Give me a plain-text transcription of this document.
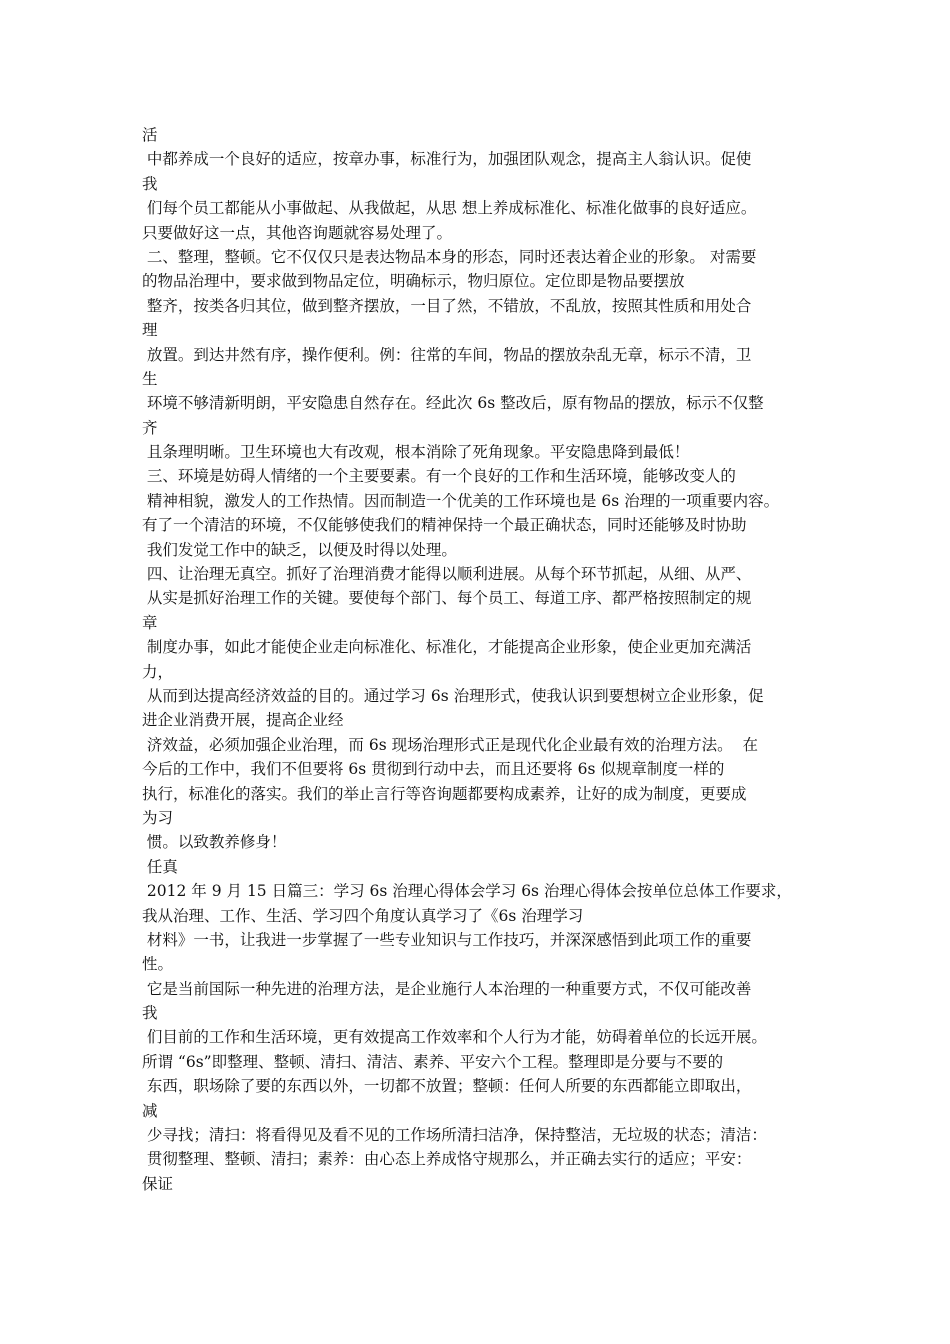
活
中都养成一个良好的适应，按章办事，标准行为，加强团队观念，提高主人翁认识。促使
我
们每个员工都能从小事做起、从我做起，从思 想上养成标准化、标准化做事的良好适应。
只要做好这一点，其他咨询题就容易处理了。
二、整理，整顿。它不仅仅只是表达物品本身的形态，同时还表达着企业的形象。 对需要
的物品治理中，要求做到物品定位，明确标示，物归原位。定位即是物品要摆放
整齐，按类各归其位，做到整齐摆放，一目了然，不错放，不乱放，按照其性质和用处合
理
放置。到达井然有序，操作便利。例：往常的车间，物品的摆放杂乱无章，标示不清，卫
生
环境不够清新明朗，平安隐患自然存在。经此次 6s 整改后，原有物品的摆放，标示不仅整
齐
且条理明晰。卫生环境也大有改观，根本消除了死角现象。平安隐患降到最低！
三、环境是妨碍人情绪的一个主要要素。有一个良好的工作和生活环境，能够改变人的
精神相貌，激发人的工作热情。因而制造一个优美的工作环境也是 6s 治理的一项重要内容。
有了一个清洁的环境，不仅能够使我们的精神保持一个最正确状态，同时还能够及时协助
我们发觉工作中的缺乏，以便及时得以处理。
四、让治理无真空。抓好了治理消费才能得以顺利进展。从每个环节抓起，从细、从严、
从实是抓好治理工作的关键。要使每个部门、每个员工、每道工序、都严格按照制定的规
章
制度办事，如此才能使企业走向标准化、标准化，才能提高企业形象，使企业更加充满活
力，
从而到达提高经济效益的目的。通过学习 6s 治理形式，使我认识到要想树立企业形象，促
进企业消费开展，提高企业经
济效益，必须加强企业治理，而 6s 现场治理形式正是现代化企业最有效的治理方法。  在
今后的工作中，我们不但要将 6s 贯彻到行动中去，而且还要将 6s 似规章制度一样的
执行，标准化的落实。我们的举止言行等咨询题都要构成素养，让好的成为制度，更要成
为习
惯。以致教养修身！
任真
2012 年 9 月 15 日篇三：学习 6s 治理心得体会学习 6s 治理心得体会按单位总体工作要求，
我从治理、工作、生活、学习四个角度认真学习了《6s 治理学习
材料》一书，让我进一步掌握了一些专业知识与工作技巧，并深深感悟到此项工作的重要
性。
它是当前国际一种先进的治理方法，是企业施行人本治理的一种重要方式，不仅可能改善
我
们目前的工作和生活环境，更有效提高工作效率和个人行为才能，妨碍着单位的长远开展。
所谓 “6s”即整理、整顿、清扫、清洁、素养、平安六个工程。整理即是分要与不要的
东西，职场除了要的东西以外，一切都不放置；整顿：任何人所要的东西都能立即取出，
减
少寻找；清扫：将看得见及看不见的工作场所清扫洁净，保持整洁，无垃圾的状态；清洁：
贯彻整理、整顿、清扫；素养：由心态上养成恪守规那么，并正确去实行的适应；平安：
保证
